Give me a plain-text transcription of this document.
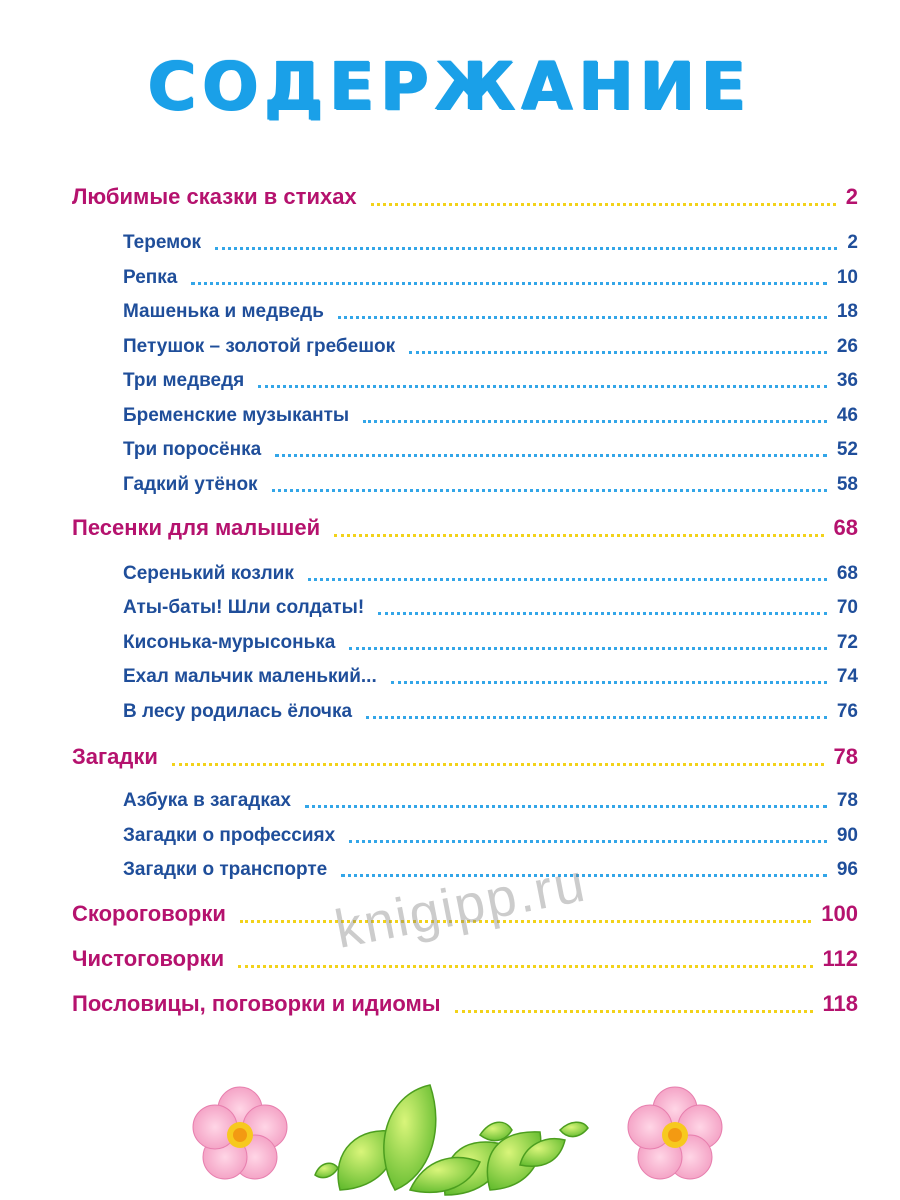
СОДЕРЖАНИЕ
Любимые сказки в стихах	2
Теремок	2
Репка	10
Машенька и медведь	18
Петушок – золотой гребешок	26
Три медведя	36
Бременские музыканты	46
Три поросёнка	52
Гадкий утёнок	58
Песенки для малышей	68
Серенький козлик	68
Аты-баты! Шли солдаты!	70
Кисонька-мурысонька	72
Ехал мальчик маленький...	74
В лесу родилась ёлочка	76
Загадки	78
Азбука в загадках	78
Загадки о профессиях	90
Загадки о транспорте	96
Скороговорки	100
Чистоговорки	112
Пословицы, поговорки и идиомы	118
knigipp.ru
